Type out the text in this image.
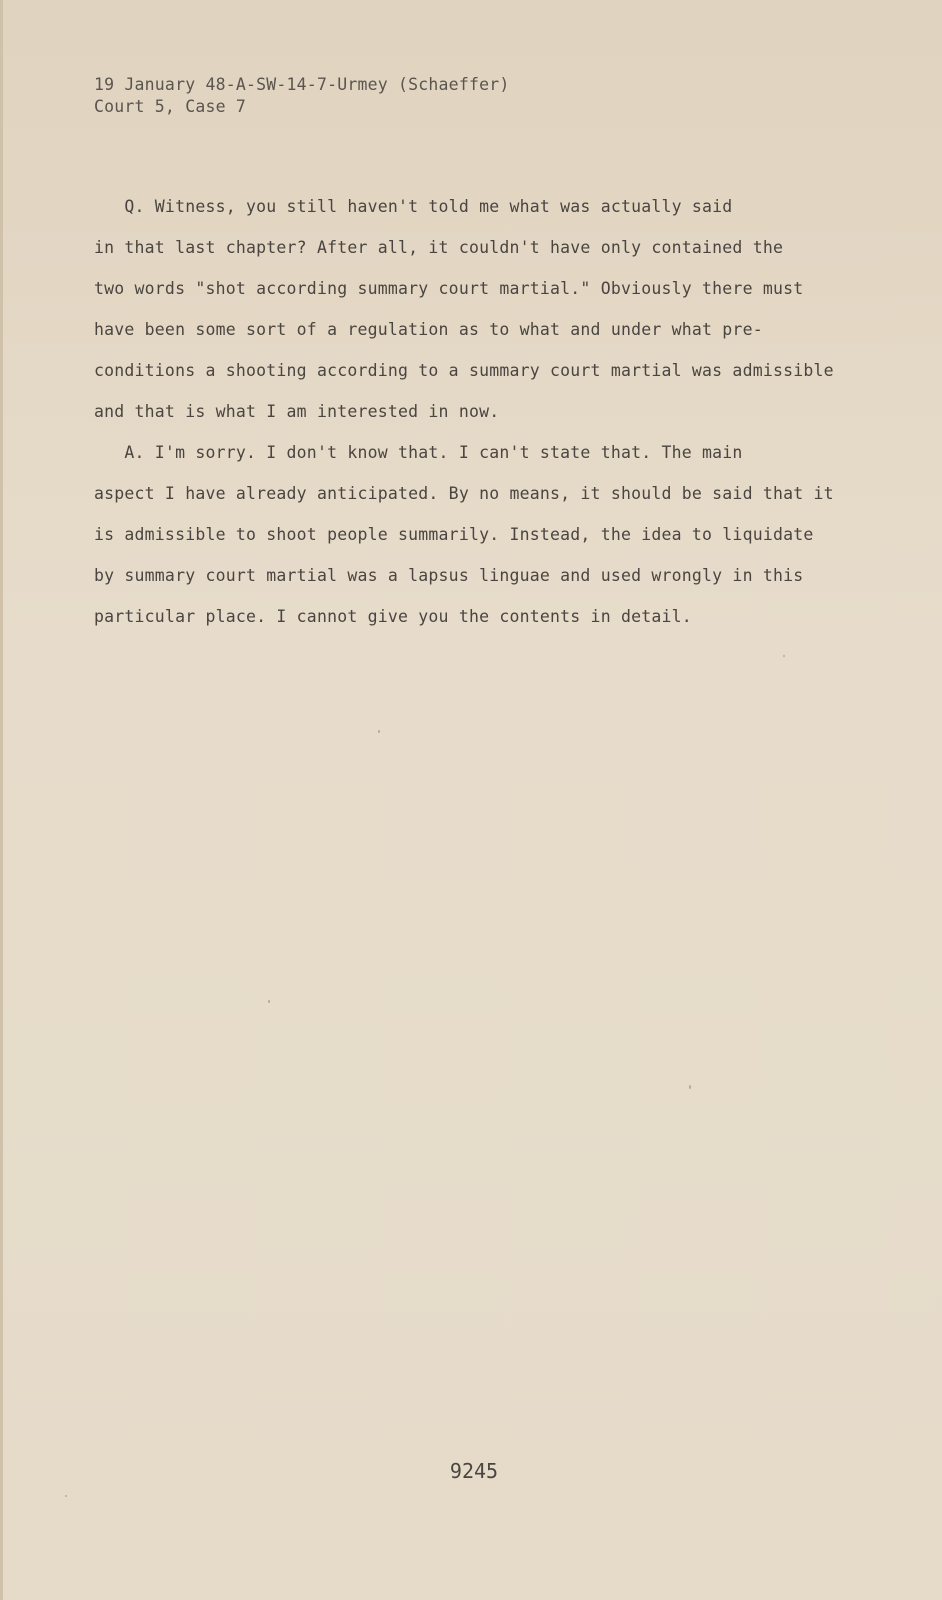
19 January 48-A-SW-14-7-Urmey (Schaeffer)
Court 5, Case 7
Q. Witness, you still haven't told me what was actually said
in that last chapter? After all, it couldn't have only contained the
two words "shot according summary court martial." Obviously there must
have been some sort of a regulation as to what and under what pre-
conditions a shooting according to a summary court martial was admissible
and that is what I am interested in now.
A. I'm sorry. I don't know that. I can't state that. The main
aspect I have already anticipated. By no means, it should be said that it
is admissible to shoot people summarily. Instead, the idea to liquidate
by summary court martial was a lapsus linguae and used wrongly in this
particular place. I cannot give you the contents in detail.
9245
